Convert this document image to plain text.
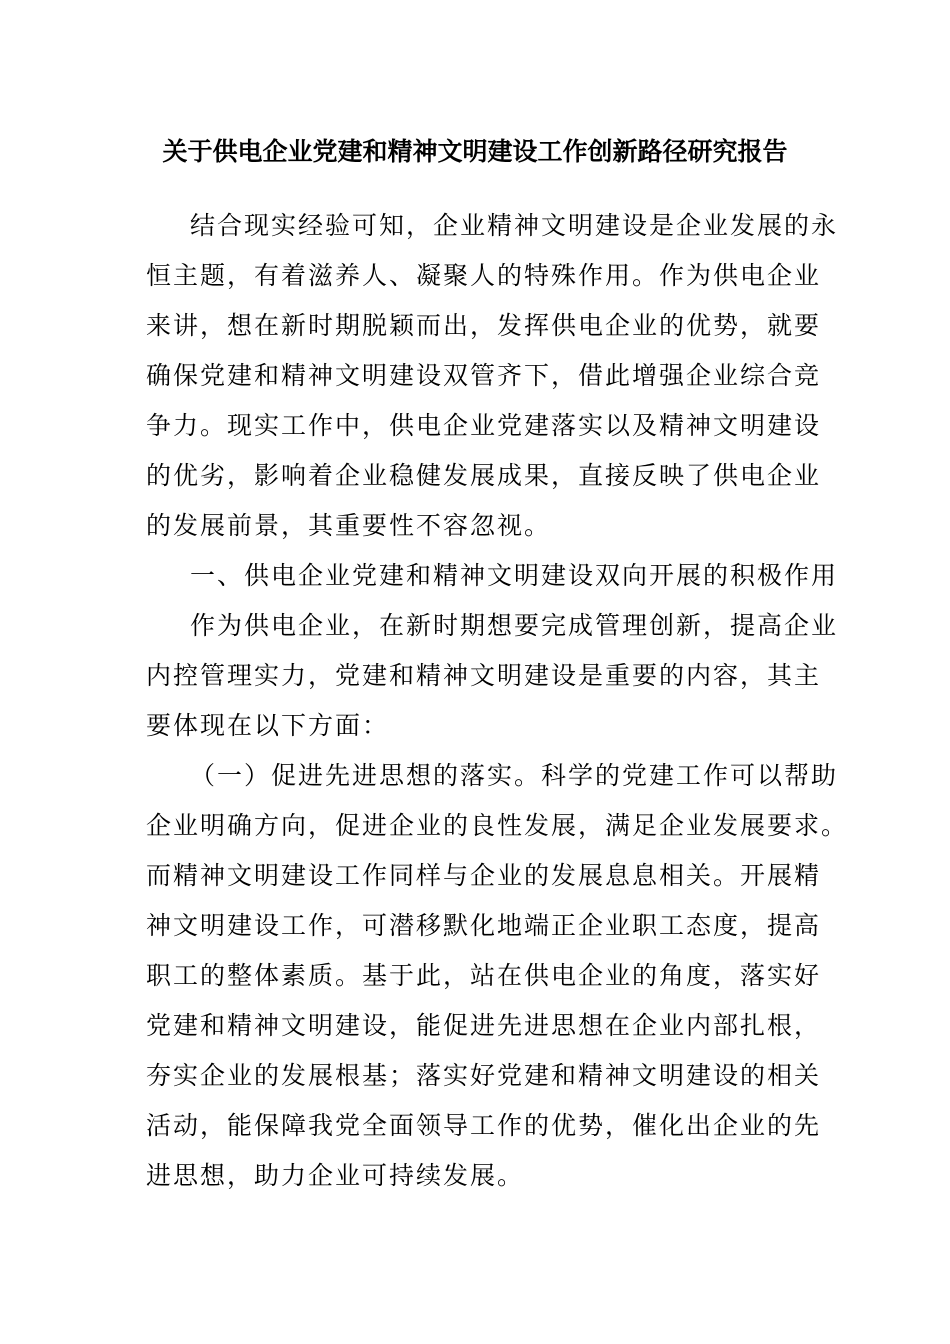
关于供电企业党建和精神文明建设工作创新路径研究报告

结合现实经验可知，企业精神文明建设是企业发展的永

恒主题，有着滋养人、凝聚人的特殊作用。作为供电企业

来讲，想在新时期脱颖而出，发挥供电企业的优势，就要

确保党建和精神文明建设双管齐下，借此增强企业综合竞

争力。现实工作中，供电企业党建落实以及精神文明建设

的优劣，影响着企业稳健发展成果，直接反映了供电企业

的发展前景，其重要性不容忽视。

一、供电企业党建和精神文明建设双向开展的积极作用

作为供电企业，在新时期想要完成管理创新，提高企业

内控管理实力，党建和精神文明建设是重要的内容，其主

要体现在以下方面：

（一）促进先进思想的落实。科学的党建工作可以帮助

企业明确方向，促进企业的良性发展，满足企业发展要求。

而精神文明建设工作同样与企业的发展息息相关。开展精

神文明建设工作，可潜移默化地端正企业职工态度，提高

职工的整体素质。基于此，站在供电企业的角度，落实好

党建和精神文明建设，能促进先进思想在企业内部扎根，

夯实企业的发展根基；落实好党建和精神文明建设的相关

活动，能保障我党全面领导工作的优势，催化出企业的先

进思想，助力企业可持续发展。
